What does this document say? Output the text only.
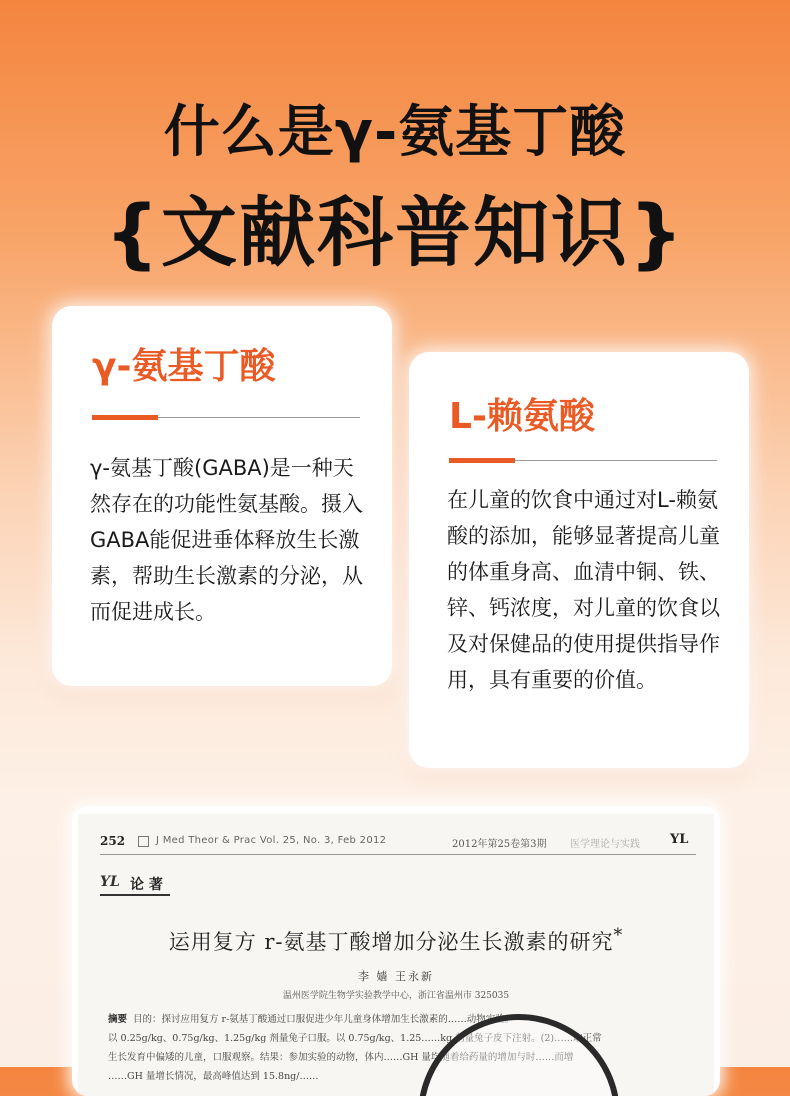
什么是γ-氨基丁酸
{文献科普知识}
γ-氨基丁酸
γ-氨基丁酸(GABA)是一种天然存在的功能性氨基酸。摄入GABA能促进垂体释放生长激素，帮助生长激素的分泌，从而促进成长。
L-赖氨酸
在儿童的饮食中通过对L-赖氨酸的添加，能够显著提高儿童的体重身高、血清中铜、铁、锌、钙浓度，对儿童的饮食以及对保健品的使用提供指导作用，具有重要的价值。
252	J Med Theor & Prac Vol. 25, No. 3, Feb 2012	2012年第25卷第3期 医学理论与实践 YL
YL 论 著
运用复方 r-氨基丁酸增加分泌生长激素的研究*
李 嫱 王永新
温州医学院生物学实验教学中心，浙江省温州市 325035
摘要 目的：探讨应用复方 r-氨基丁酸通过口服促进少年儿童身体增加生长激素的……动物实验。
以 0.25g/kg、0.75g/kg、1.25g/kg 剂量兔子口服。以 0.75g/kg、1.25……kg 剂量兔子皮下注射。(2)……取正常
生长发育中偏矮的儿童，口服观察。结果：参加实验的动物，体内……GH 量均随着给药量的增加与时……而增
……GH 量增长情况，最高峰值达到 15.8ng/……
